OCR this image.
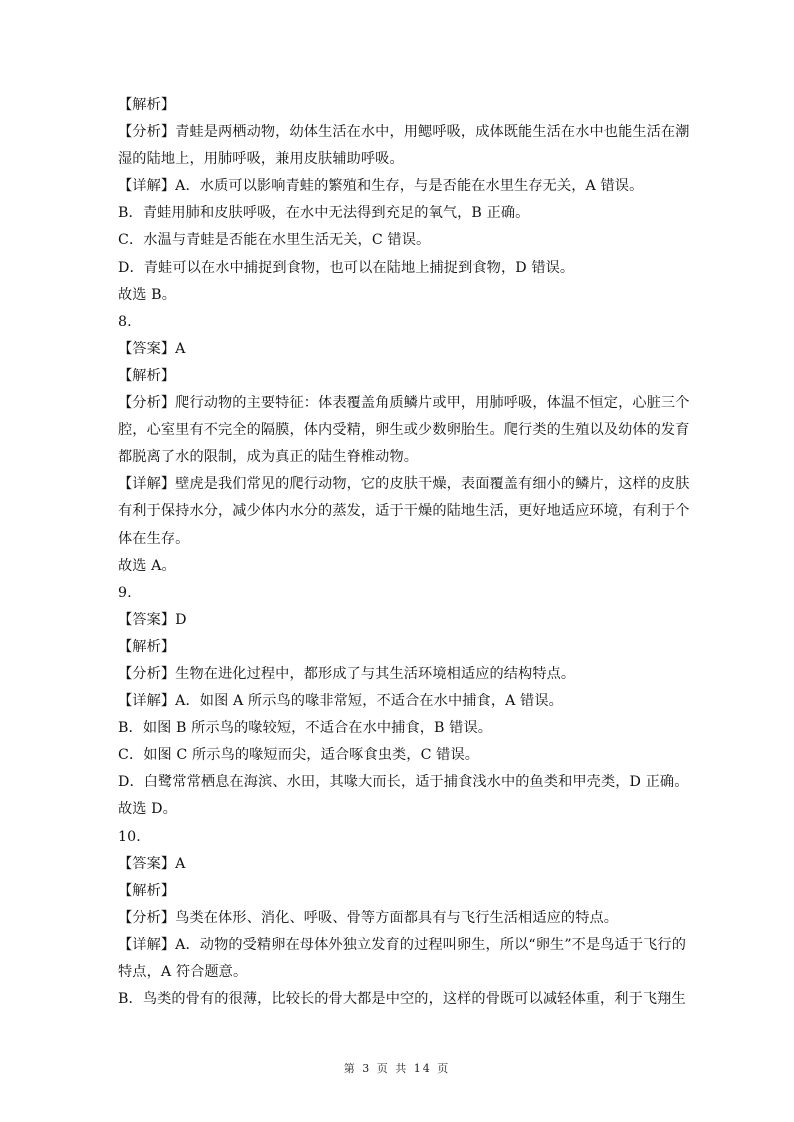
【解析】
【分析】青蛙是两栖动物，幼体生活在水中，用鳃呼吸，成体既能生活在水中也能生活在潮
湿的陆地上，用肺呼吸，兼用皮肤辅助呼吸。
【详解】A．水质可以影响青蛙的繁殖和生存，与是否能在水里生存无关，A 错误。
B．青蛙用肺和皮肤呼吸，在水中无法得到充足的氧气，B 正确。
C．水温与青蛙是否能在水里生活无关，C 错误。
D．青蛙可以在水中捕捉到食物，也可以在陆地上捕捉到食物，D 错误。
故选 B。
8.
【答案】A
【解析】
【分析】爬行动物的主要特征：体表覆盖角质鳞片或甲，用肺呼吸，体温不恒定，心脏三个
腔，心室里有不完全的隔膜，体内受精，卵生或少数卵胎生。爬行类的生殖以及幼体的发育
都脱离了水的限制，成为真正的陆生脊椎动物。
【详解】壁虎是我们常见的爬行动物，它的皮肤干燥，表面覆盖有细小的鳞片，这样的皮肤
有利于保持水分，减少体内水分的蒸发，适于干燥的陆地生活，更好地适应环境，有利于个
体在生存。
故选 A。
9.
【答案】D
【解析】
【分析】生物在进化过程中，都形成了与其生活环境相适应的结构特点。
【详解】A．如图 A 所示鸟的喙非常短，不适合在水中捕食，A 错误。
B．如图 B 所示鸟的喙较短，不适合在水中捕食，B 错误。
C．如图 C 所示鸟的喙短而尖，适合啄食虫类，C 错误。
D．白鹭常常栖息在海滨、水田，其喙大而长，适于捕食浅水中的鱼类和甲壳类，D 正确。
故选 D。
10.
【答案】A
【解析】
【分析】鸟类在体形、消化、呼吸、骨等方面都具有与飞行生活相适应的特点。
【详解】A．动物的受精卵在母体外独立发育的过程叫卵生，所以“卵生”不是鸟适于飞行的
特点，A 符合题意。
B．鸟类的骨有的很薄，比较长的骨大都是中空的，这样的骨既可以减轻体重，利于飞翔生
第 3 页 共 14 页
